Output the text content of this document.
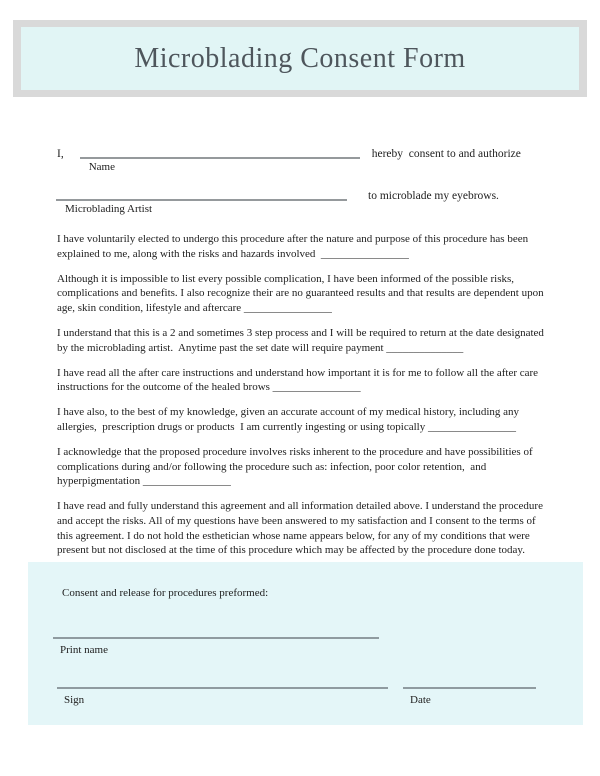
Microblading Consent Form
I,
Name
hereby  consent to and authorize
Microblading Artist
to microblade my eyebrows.

I have voluntarily elected to undergo this procedure after the nature and purpose of this procedure has been explained to me, along with the risks and hazards involved  ________________

Although it is impossible to list every possible complication, I have been informed of the possible risks, complications and benefits. I also recognize their are no guaranteed results and that results are dependent upon age, skin condition, lifestyle and aftercare ________________

I understand that this is a 2 and sometimes 3 step process and I will be required to return at the date designated by the microblading artist.  Anytime past the set date will require payment ______________

I have read all the after care instructions and understand how important it is for me to follow all the after care instructions for the outcome of the healed brows ________________

I have also, to the best of my knowledge, given an accurate account of my medical history, including any allergies,  prescription drugs or products  I am currently ingesting or using topically ________________

I acknowledge that the proposed procedure involves risks inherent to the procedure and have possibilities of complications during and/or following the procedure such as: infection, poor color retention,  and hyperpigmentation ________________

I have read and fully understand this agreement and all information detailed above. I understand the procedure and accept the risks. All of my questions have been answered to my satisfaction and I consent to the terms of this agreement. I do not hold the esthetician whose name appears below, for any of my conditions that were present but not disclosed at the time of this procedure which may be affected by the procedure done today.

Consent and release for procedures preformed:
Print name
Sign	Date
